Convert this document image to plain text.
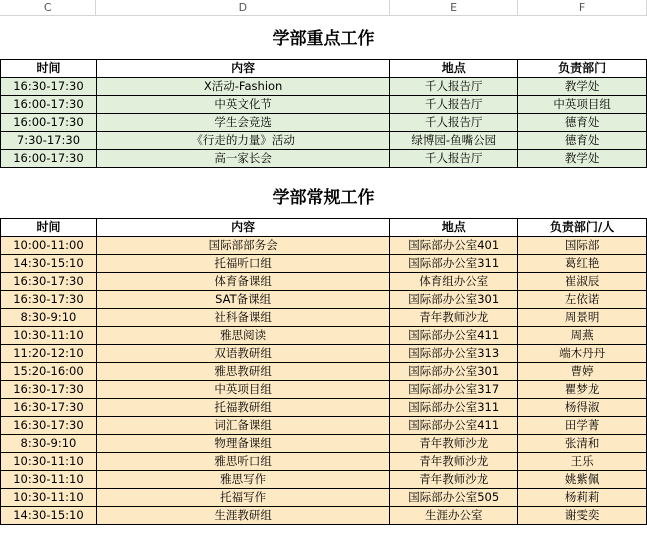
C	D	E	F
学部重点工作
时间	内容	地点	负责部门
16:30-17:30	X活动-Fashion	千人报告厅	教学处
16:00-17:30	中英文化节	千人报告厅	中英项目组
16:00-17:30	学生会竞选	千人报告厅	德育处
7:30-17:30	《行走的力量》活动	绿博园-鱼嘴公园	德育处
16:00-17:30	高一家长会	千人报告厅	教学处
学部常规工作
时间	内容	地点	负责部门/人
10:00-11:00	国际部部务会	国际部办公室401	国际部
14:30-15:10	托福听口组	国际部办公室311	葛红艳
16:30-17:30	体育备课组	体育组办公室	崔淑辰
16:30-17:30	SAT备课组	国际部办公室301	左依诺
8:30-9:10	社科备课组	青年教师沙龙	周景明
10:30-11:10	雅思阅读	国际部办公室411	周燕
11:20-12:10	双语教研组	国际部办公室313	端木丹丹
15:20-16:00	雅思教研组	国际部办公室301	曹婷
16:30-17:30	中英项目组	国际部办公室317	瞿梦龙
16:30-17:30	托福教研组	国际部办公室311	杨得淑
16:30-17:30	词汇备课组	国际部办公室411	田学菁
8:30-9:10	物理备课组	青年教师沙龙	张清和
10:30-11:10	雅思听口组	青年教师沙龙	王乐
10:30-11:10	雅思写作	青年教师沙龙	姚紫佩
10:30-11:10	托福写作	国际部办公室505	杨莉莉
14:30-15:10	生涯教研组	生涯办公室	谢雯奕
